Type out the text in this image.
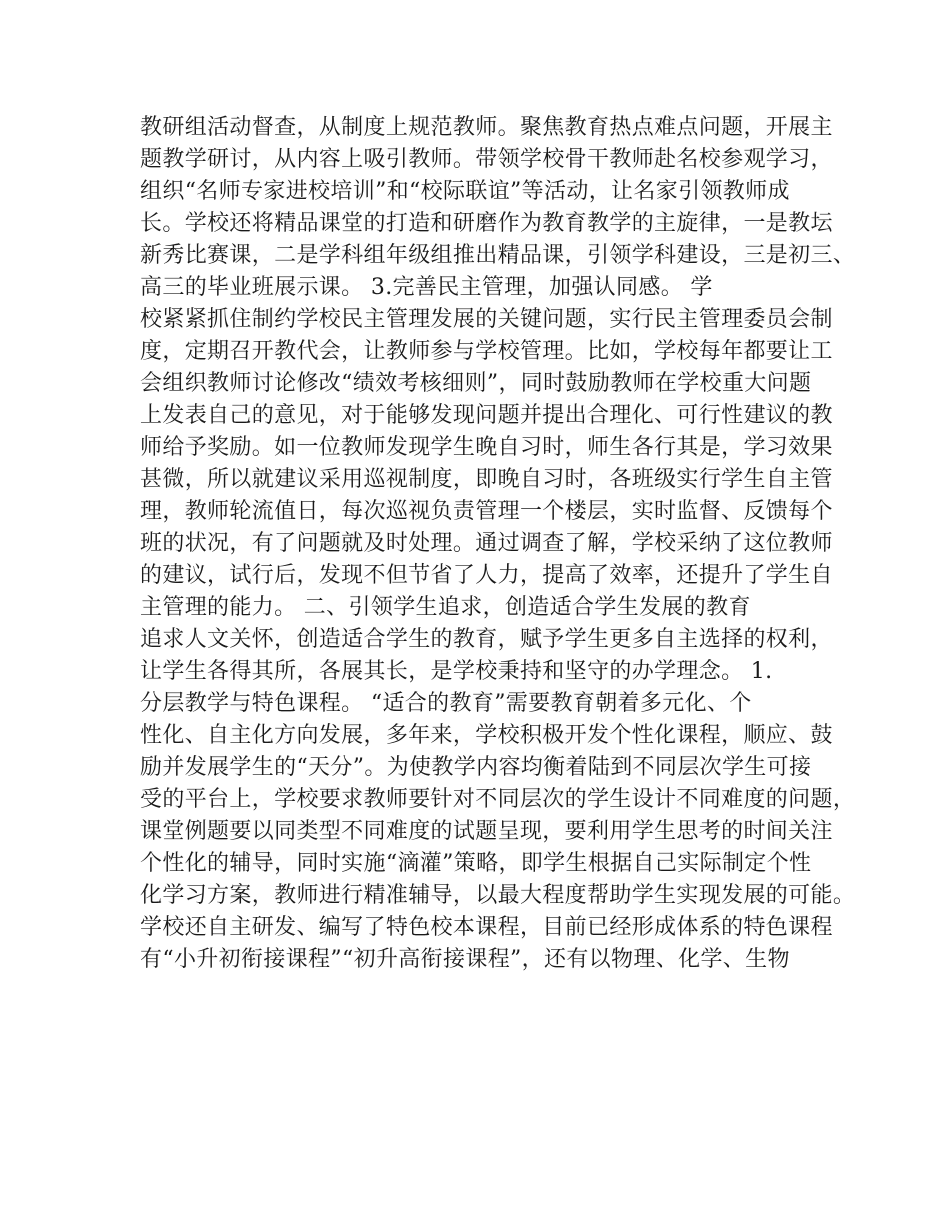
教研组活动督查，从制度上规范教师。聚焦教育热点难点问题，开展主
题教学研讨，从内容上吸引教师。带领学校骨干教师赴名校参观学习，
组织“名师专家进校培训”和“校际联谊”等活动，让名家引领教师成
长。学校还将精品课堂的打造和研磨作为教育教学的主旋律，一是教坛
新秀比赛课，二是学科组年级组推出精品课，引领学科建设，三是初三、
高三的毕业班展示课。 3.完善民主管理，加强认同感。 学
校紧紧抓住制约学校民主管理发展的关键问题，实行民主管理委员会制
度，定期召开教代会，让教师参与学校管理。比如，学校每年都要让工
会组织教师讨论修改“绩效考核细则”，同时鼓励教师在学校重大问题
上发表自己的意见，对于能够发现问题并提出合理化、可行性建议的教
师给予奖励。如一位教师发现学生晚自习时，师生各行其是，学习效果
甚微，所以就建议采用巡视制度，即晚自习时，各班级实行学生自主管
理，教师轮流值日，每次巡视负责管理一个楼层，实时监督、反馈每个
班的状况，有了问题就及时处理。通过调查了解，学校采纳了这位教师
的建议，试行后，发现不但节省了人力，提高了效率，还提升了学生自
主管理的能力。 二、引领学生追求，创造适合学生发展的教育
追求人文关怀，创造适合学生的教育，赋予学生更多自主选择的权利，
让学生各得其所，各展其长，是学校秉持和坚守的办学理念。 1.
分层教学与特色课程。 “适合的教育”需要教育朝着多元化、个
性化、自主化方向发展，多年来，学校积极开发个性化课程，顺应、鼓
励并发展学生的“天分”。为使教学内容均衡着陆到不同层次学生可接
受的平台上，学校要求教师要针对不同层次的学生设计不同难度的问题，
课堂例题要以同类型不同难度的试题呈现，要利用学生思考的时间关注
个性化的辅导，同时实施“滴灌”策略，即学生根据自己实际制定个性
化学习方案，教师进行精准辅导，以最大程度帮助学生实现发展的可能。
学校还自主研发、编写了特色校本课程，目前已经形成体系的特色课程
有“小升初衔接课程”“初升高衔接课程”，还有以物理、化学、生物
